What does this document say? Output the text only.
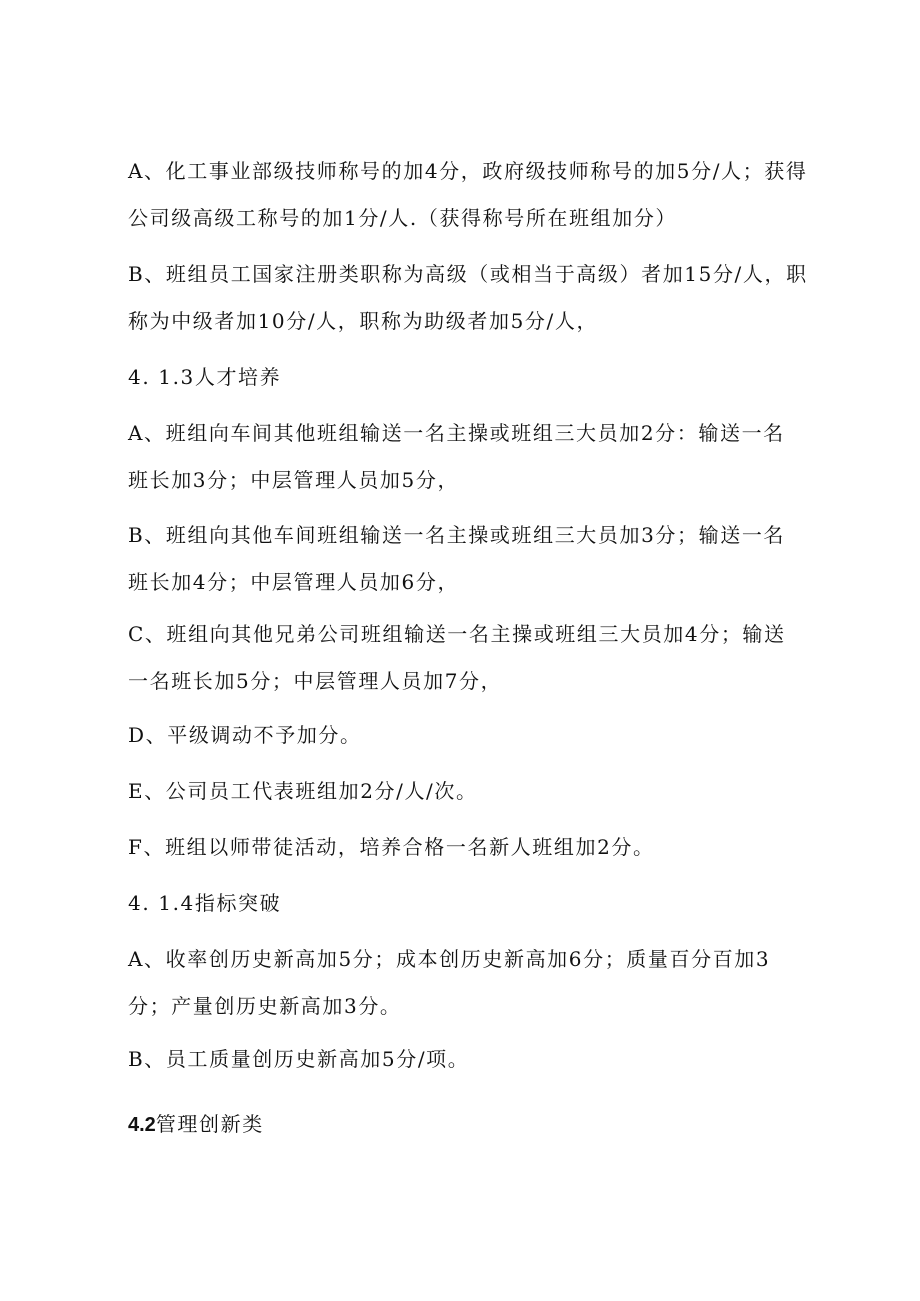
A、化工事业部级技师称号的加4分，政府级技师称号的加5分/人；获得
公司级高级工称号的加1分/人.（获得称号所在班组加分）

B、班组员工国家注册类职称为高级（或相当于高级）者加15分/人，职
称为中级者加10分/人，职称为助级者加5分/人，

4. 1.3人才培养

A、班组向车间其他班组输送一名主操或班组三大员加2分：输送一名
班长加3分；中层管理人员加5分，

B、班组向其他车间班组输送一名主操或班组三大员加3分；输送一名
班长加4分；中层管理人员加6分，

C、班组向其他兄弟公司班组输送一名主操或班组三大员加4分；输送
一名班长加5分；中层管理人员加7分，

D、平级调动不予加分。

E、公司员工代表班组加2分/人/次。

F、班组以师带徒活动，培养合格一名新人班组加2分。

4. 1.4指标突破

A、收率创历史新高加5分；成本创历史新高加6分；质量百分百加3
分；产量创历史新高加3分。

B、员工质量创历史新高加5分/项。

4.2管理创新类
